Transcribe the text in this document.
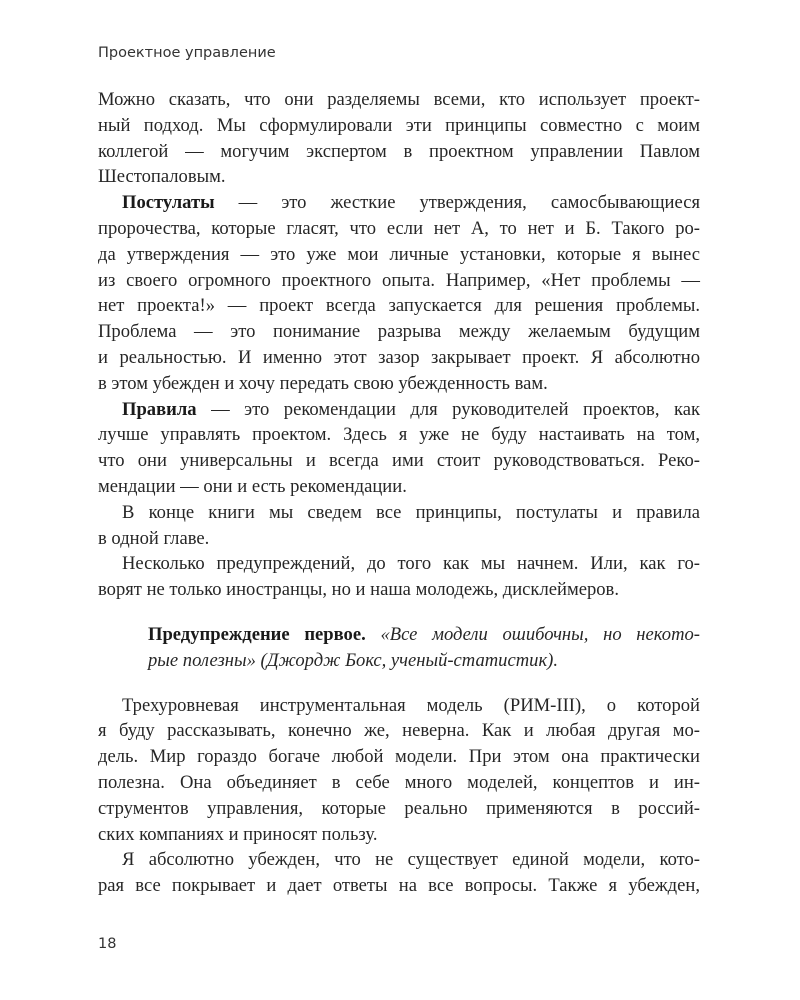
Проектное управление
Можно сказать, что они разделяемы всеми, кто использует проект-
ный подход. Мы сформулировали эти принципы совместно с моим
коллегой — могучим экспертом в проектном управлении Павлом
Шестопаловым.
Постулаты — это жесткие утверждения, самосбывающиеся
пророчества, которые гласят, что если нет А, то нет и Б. Такого ро-
да утверждения — это уже мои личные установки, которые я вынес
из своего огромного проектного опыта. Например, «Нет проблемы —
нет проекта!» — проект всегда запускается для решения проблемы.
Проблема — это понимание разрыва между желаемым будущим
и реальностью. И именно этот зазор закрывает проект. Я абсолютно
в этом убежден и хочу передать свою убежденность вам.
Правила — это рекомендации для руководителей проектов, как
лучше управлять проектом. Здесь я уже не буду настаивать на том,
что они универсальны и всегда ими стоит руководствоваться. Реко-
мендации — они и есть рекомендации.
В конце книги мы сведем все принципы, постулаты и правила
в одной главе.
Несколько предупреждений, до того как мы начнем. Или, как го-
ворят не только иностранцы, но и наша молодежь, дисклеймеров.
Предупреждение первое. «Все модели ошибочны, но некото-
рые полезны» (Джордж Бокс, ученый-статистик).
Трехуровневая инструментальная модель (РИМ-III), о которой
я буду рассказывать, конечно же, неверна. Как и любая другая мо-
дель. Мир гораздо богаче любой модели. При этом она практически
полезна. Она объединяет в себе много моделей, концептов и ин-
струментов управления, которые реально применяются в россий-
ских компаниях и приносят пользу.
Я абсолютно убежден, что не существует единой модели, кото-
рая все покрывает и дает ответы на все вопросы. Также я убежден,
18
